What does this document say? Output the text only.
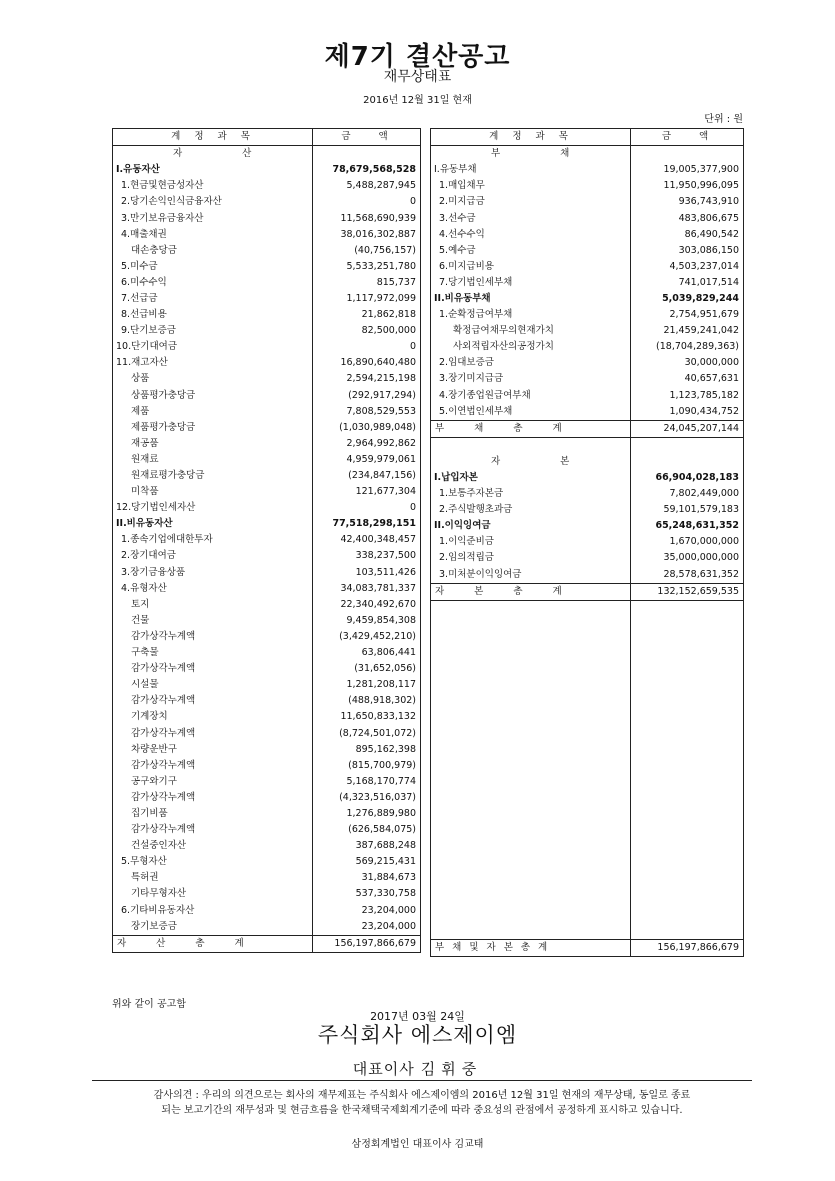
제7기 결산공고
재무상태표
2016년 12월 31일 현재
단위 : 원
계정과목	금액
자산	
I.유동자산	78,679,568,528
1.현금및현금성자산	5,488,287,945
2.당기손익인식금융자산	0
3.만기보유금융자산	11,568,690,939
4.매출채권	38,016,302,887
대손충당금	(40,756,157)
5.미수금	5,533,251,780
6.미수수익	815,737
7.선급금	1,117,972,099
8.선급비용	21,862,818
9.단기보증금	82,500,000
10.단기대여금	0
11.재고자산	16,890,640,480
상품	2,594,215,198
상품평가충당금	(292,917,294)
제품	7,808,529,553
제품평가충당금	(1,030,989,048)
재공품	2,964,992,862
원재료	4,959,979,061
원재료평가충당금	(234,847,156)
미착품	121,677,304
12.당기법인세자산	0
II.비유동자산	77,518,298,151
1.종속기업에대한투자	42,400,348,457
2.장기대여금	338,237,500
3.장기금융상품	103,511,426
4.유형자산	34,083,781,337
토지	22,340,492,670
건물	9,459,854,308
감가상각누계액	(3,429,452,210)
구축물	63,806,441
감가상각누계액	(31,652,056)
시설물	1,281,208,117
감가상각누계액	(488,918,302)
기계장치	11,650,833,132
감가상각누계액	(8,724,501,072)
차량운반구	895,162,398
감가상각누계액	(815,700,979)
공구와기구	5,168,170,774
감가상각누계액	(4,323,516,037)
집기비품	1,276,889,980
감가상각누계액	(626,584,075)
건설중인자산	387,688,248
5.무형자산	569,215,431
특허권	31,884,673
기타무형자산	537,330,758
6.기타비유동자산	23,204,000
장기보증금	23,204,000
자산총계	156,197,866,679
계정과목	금액
부채	
I.유동부채	19,005,377,900
1.매입채무	11,950,996,095
2.미지급금	936,743,910
3.선수금	483,806,675
4.선수수익	86,490,542
5.예수금	303,086,150
6.미지급비용	4,503,237,014
7.당기법인세부채	741,017,514
II.비유동부채	5,039,829,244
1.순확정급여부채	2,754,951,679
확정급여채무의현재가치	21,459,241,042
사외적립자산의공정가치	(18,704,289,363)
2.임대보증금	30,000,000
3.장기미지급금	40,657,631
4.장기종업원급여부채	1,123,785,182
5.이연법인세부채	1,090,434,752
부채총계	24,045,207,144

자본	
I.납입자본	66,904,028,183
1.보통주자본금	7,802,449,000
2.주식발행초과금	59,101,579,183
II.이익잉여금	65,248,631,352
1.이익준비금	1,670,000,000
2.임의적립금	35,000,000,000
3.미처분이익잉여금	28,578,631,352
자본총계	132,152,659,535

부채및자본총계	156,197,866,679
위와 같이 공고함
2017년 03월 24일
주식회사 에스제이엠
대표이사 김휘중
감사의견 : 우리의 의견으로는 회사의 재무제표는 주식회사 에스제이엠의 2016년 12월 31일 현재의 재무상태, 동일로 종료
되는 보고기간의 재무성과 및 현금흐름을 한국채택국제회계기준에 따라 중요성의 관점에서 공정하게 표시하고 있습니다.
삼정회계법인 대표이사 김교태
